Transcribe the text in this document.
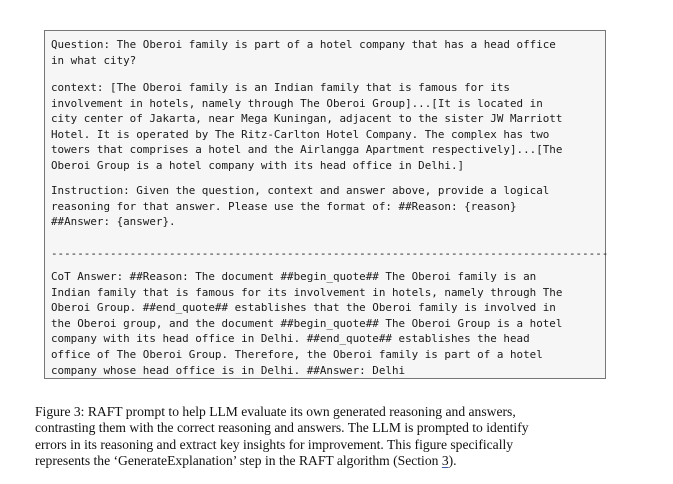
Question: The Oberoi family is part of a hotel company that has a head office
in what city?
context: [The Oberoi family is an Indian family that is famous for its
involvement in hotels, namely through The Oberoi Group]...[It is located in
city center of Jakarta, near Mega Kuningan, adjacent to the sister JW Marriott
Hotel. It is operated by The Ritz-Carlton Hotel Company. The complex has two
towers that comprises a hotel and the Airlangga Apartment respectively]...[The
Oberoi Group is a hotel company with its head office in Delhi.]
Instruction: Given the question, context and answer above, provide a logical
reasoning for that answer. Please use the format of: ##Reason: {reason}
##Answer: {answer}.
-------------------------------------------------------------------------------------
CoT Answer: ##Reason: The document ##begin_quote## The Oberoi family is an
Indian family that is famous for its involvement in hotels, namely through The
Oberoi Group. ##end_quote## establishes that the Oberoi family is involved in
the Oberoi group, and the document ##begin_quote## The Oberoi Group is a hotel
company with its head office in Delhi. ##end_quote## establishes the head
office of The Oberoi Group. Therefore, the Oberoi family is part of a hotel
company whose head office is in Delhi. ##Answer: Delhi

Figure 3: RAFT prompt to help LLM evaluate its own generated reasoning and answers,
contrasting them with the correct reasoning and answers. The LLM is prompted to identify
errors in its reasoning and extract key insights for improvement. This figure specifically
represents the ‘GenerateExplanation’ step in the RAFT algorithm (Section 3).
